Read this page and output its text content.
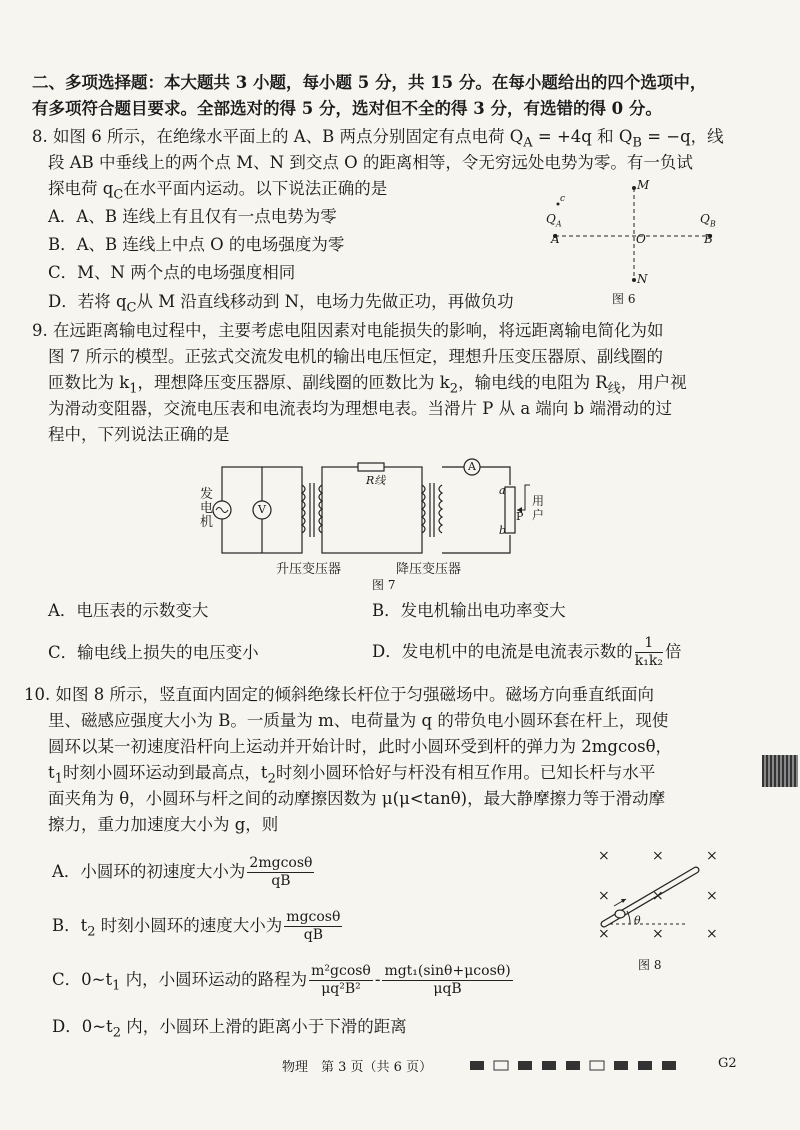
二、多项选择题：本大题共 3 小题，每小题 5 分，共 15 分。在每小题给出的四个选项中，
有多项符合题目要求。全部选对的得 5 分，选对但不全的得 3 分，有选错的得 0 分。
8. 如图 6 所示，在绝缘水平面上的 A、B 两点分别固定有点电荷 $Q_A = +4q$ 和 $Q_B = -q$，线
段 AB 中垂线上的两个点 M、N 到交点 O 的距离相等，令无穷远处电势为零。有一负试
探电荷 $q_C$在水平面内运动。以下说法正确的是
A．A、B 连线上有且仅有一点电势为零
B．A、B 连线上中点 O 的电场强度为零
C．M、N 两个点的电场强度相同
D．若将 $q_C$从 M 沿直线移动到 N，电场力先做正功，再做负功
M
N
A	B
O
$Q_A$	$Q_B$
c
图 6
9. 在远距离输电过程中，主要考虑电阻因素对电能损失的影响，将远距离输电简化为如
图 7 所示的模型。正弦式交流发电机的输出电压恒定，理想升压变压器原、副线圈的
匝数比为 $k_1$，理想降压变压器原、副线圈的匝数比为 $k_2$，输电线的电阻为 $R_线$，用户视
为滑动变阻器，交流电压表和电流表均为理想电表。当滑片 P 从 a 端向 b 端滑动的过
程中，下列说法正确的是
发
电
机
V
A
R线
升压变压器	降压变压器
a
b
P
用
户
图 7
A．电压表的示数变大	B．发电机输出电功率变大
C．输电线上损失的电压变小	D．发电机中的电流是电流表示数的 $\frac{1}{\text{k₁k₂}}$ 倍
10. 如图 8 所示，竖直面内固定的倾斜绝缘长杆位于匀强磁场中。磁场方向垂直纸面向
里、磁感应强度大小为 B。一质量为 m、电荷量为 q 的带负电小圆环套在杆上，现使
圆环以某一初速度沿杆向上运动并开始计时，此时小圆环受到杆的弹力为 2mgcosθ，
$t_1$时刻小圆环运动到最高点，$t_2$时刻小圆环恰好与杆没有相互作用。已知长杆与水平
面夹角为 θ，小圆环与杆之间的动摩擦因数为 μ(μ<tanθ)，最大静摩擦力等于滑动摩
擦力，重力加速度大小为 g，则
A．小圆环的初速度大小为 $\frac{2mgcos\theta}{qB}$
B．$t_2$ 时刻小圆环的速度大小为 $\frac{mgcos\theta}{qB}$
C．$0\sim t_1$ 内，小圆环运动的路程为 $\frac{\text{m²gcosθ}}{\text{μq²B²}} - \frac{\text{mgt₁(sinθ+μcosθ)}}{\text{μqB}}$
D．$0\sim t_2$ 内，小圆环上滑的距离小于下滑的距离
×	×	×
×	×	×
×	×	×
θ
图 8
物理　第 3 页（共 6 页）	G2
